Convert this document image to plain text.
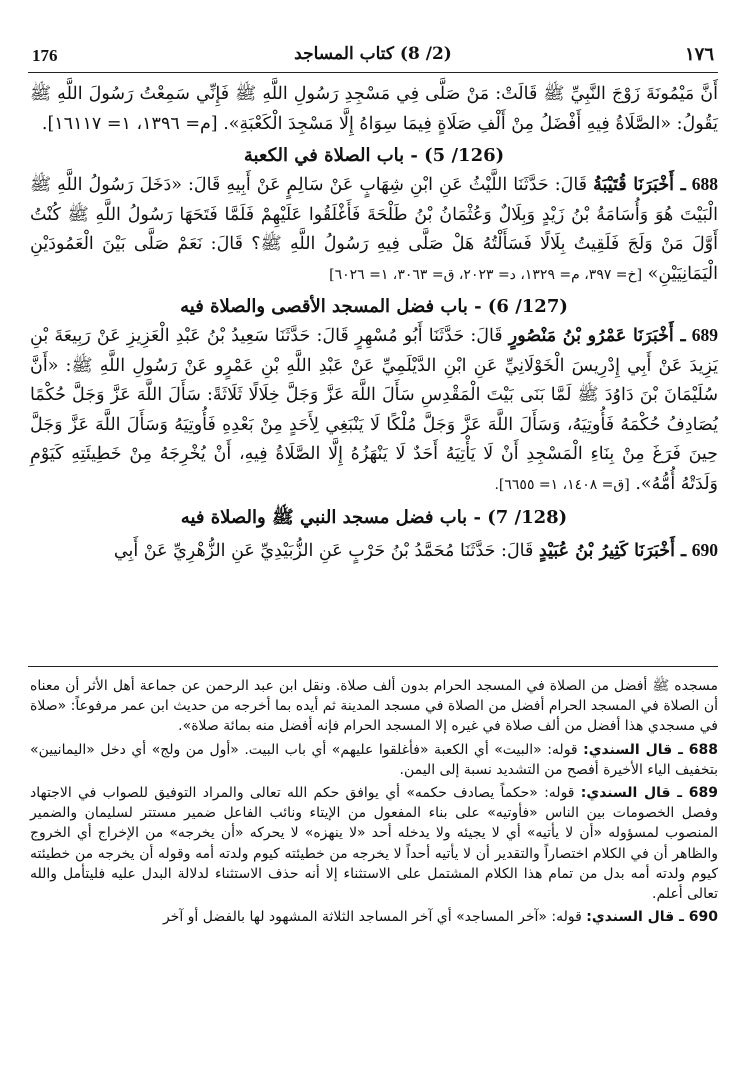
176	(2/ 8) كتاب المساجد	١٧٦

أَنَّ مَيْمُونَةَ زَوْجَ النَّبِيِّ ﷺ قَالَتْ: مَنْ صَلَّى فِي مَسْجِدِ رَسُولِ اللَّهِ ﷺ فَإِنِّي سَمِعْتُ رَسُولَ اللَّهِ ﷺ يَقُولُ: «الصَّلَاةُ فِيهِ أَفْضَلُ مِنْ أَلْفِ صَلَاةٍ فِيمَا سِوَاهُ إِلَّا مَسْجِدَ الْكَعْبَةِ». [م= ١٣٩٦، ١= ١٦١١٧].

(126/ 5) - باب الصلاة في الكعبة

688 ـ أَخْبَرَنَا قُتَيْبَةُ قَالَ: حَدَّثَنَا اللَّيْثُ عَنِ ابْنِ شِهَابٍ عَنْ سَالِمٍ عَنْ أَبِيهِ قَالَ: «دَخَلَ رَسُولُ اللَّهِ ﷺ الْبَيْتَ هُوَ وَأُسَامَةُ بْنُ زَيْدٍ وَبِلَالٌ وَعُثْمَانُ بْنُ طَلْحَةَ فَأَغْلَقُوا عَلَيْهِمْ فَلَمَّا فَتَحَهَا رَسُولُ اللَّهِ ﷺ كُنْتُ أَوَّلَ مَنْ وَلَجَ فَلَقِيتُ بِلَالًا فَسَأَلْتُهُ هَلْ صَلَّى فِيهِ رَسُولُ اللَّهِ ﷺ؟ قَالَ: نَعَمْ صَلَّى بَيْنَ الْعَمُودَيْنِ الْيَمَانِيَيْنِ» [خ= ٣٩٧، م= ١٣٢٩، د= ٢٠٢٣، ق= ٣٠٦٣، ١= ٦٠٢٦]

(127/ 6) - باب فضل المسجد الأقصى والصلاة فيه

689 ـ أَخْبَرَنَا عَمْرُو بْنُ مَنْصُورٍ قَالَ: حَدَّثَنَا أَبُو مُسْهِرٍ قَالَ: حَدَّثَنَا سَعِيدُ بْنُ عَبْدِ الْعَزِيزِ عَنْ رَبِيعَةَ بْنِ يَزِيدَ عَنْ أَبِي إِدْرِيسَ الْخَوْلَانِيِّ عَنِ ابْنِ الدَّيْلَمِيِّ عَنْ عَبْدِ اللَّهِ بْنِ عَمْرٍو عَنْ رَسُولِ اللَّهِ ﷺ: «أَنَّ سُلَيْمَانَ بْنَ دَاوُدَ ﷺ لَمَّا بَنَى بَيْتَ الْمَقْدِسِ سَأَلَ اللَّهَ عَزَّ وَجَلَّ خِلَالًا ثَلَاثَةً: سَأَلَ اللَّهَ عَزَّ وَجَلَّ حُكْمًا يُصَادِفُ حُكْمَهُ فَأُوتِيَهُ، وَسَأَلَ اللَّهَ عَزَّ وَجَلَّ مُلْكًا لَا يَنْبَغِي لِأَحَدٍ مِنْ بَعْدِهِ فَأُوتِيَهُ وَسَأَلَ اللَّهَ عَزَّ وَجَلَّ حِينَ فَرَغَ مِنْ بِنَاءِ الْمَسْجِدِ أَنْ لَا يَأْتِيَهُ أَحَدٌ لَا يَنْهَزُهُ إِلَّا الصَّلَاةُ فِيهِ، أَنْ يُخْرِجَهُ مِنْ خَطِيئَتِهِ كَيَوْمِ وَلَدَتْهُ أُمُّهُ». [ق= ١٤٠٨، ١= ٦٦٥٥].

(128/ 7) - باب فضل مسجد النبي ﷺ والصلاة فيه

690 ـ أَخْبَرَنَا كَثِيرُ بْنُ عُبَيْدٍ قَالَ: حَدَّثَنَا مُحَمَّدُ بْنُ حَرْبٍ عَنِ الزُّبَيْدِيِّ عَنِ الزُّهْرِيِّ عَنْ أَبِي

مسجده ﷺ أفضل من الصلاة في المسجد الحرام بدون ألف صلاة. ونقل ابن عبد الرحمن عن جماعة أهل الأثر أن معناه أن الصلاة في المسجد الحرام أفضل من الصلاة في مسجد المدينة ثم أيده بما أخرجه من حديث ابن عمر مرفوعاً: «صلاة في مسجدي هذا أفضل من ألف صلاة في غيره إلا المسجد الحرام فإنه أفضل منه بمائة صلاة».

688 ـ قال السندي: قوله: «البيت» أي الكعبة «فأغلقوا عليهم» أي باب البيت. «أول من ولج» أي دخل «اليمانيين» بتخفيف الياء الأخيرة أفصح من التشديد نسبة إلى اليمن.

689 ـ قال السندي: قوله: «حكماً يصادف حكمه» أي يوافق حكم الله تعالى والمراد التوفيق للصواب في الاجتهاد وفصل الخصومات بين الناس «فأوتيه» على بناء المفعول من الإيتاء ونائب الفاعل ضمير مستتر لسليمان والضمير المنصوب لمسؤوله «أن لا يأتيه» أي لا يجيئه ولا يدخله أحد «لا ينهزه» لا يحركه «أن يخرجه» من الإخراج أي الخروج والظاهر أن في الكلام اختصاراً والتقدير أن لا يأتيه أحداً لا يخرجه من خطيئته كيوم ولدته أمه وقوله أن يخرجه من خطيئته كيوم ولدته أمه بدل من تمام هذا الكلام المشتمل على الاستثناء إلا أنه حذف الاستثناء لدلالة البدل عليه فليتأمل والله تعالى أعلم.

690 ـ قال السندي: قوله: «آخر المساجد» أي آخر المساجد الثلاثة المشهود لها بالفضل أو آخر
